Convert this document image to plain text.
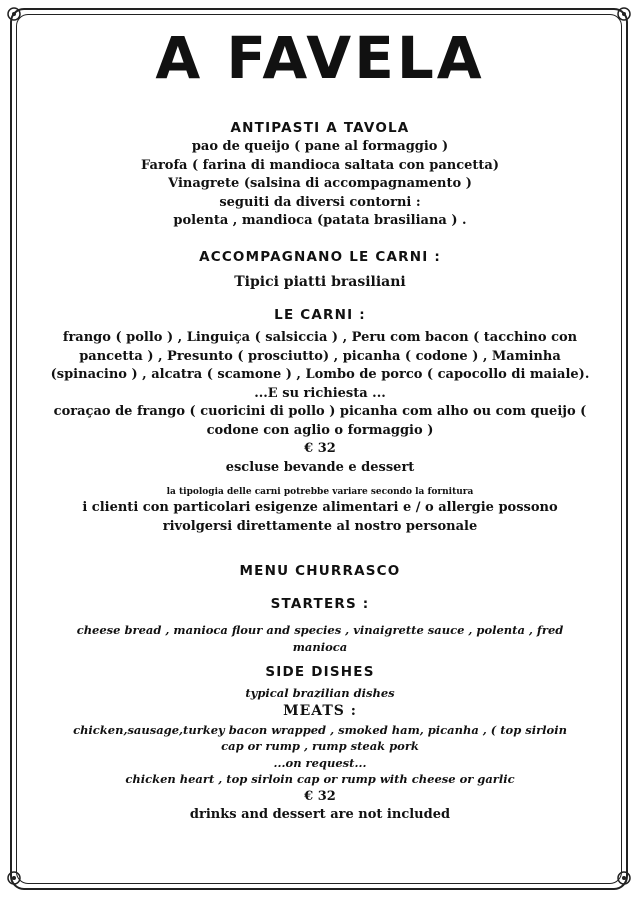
A FAVELA
ANTIPASTI A TAVOLA
pao de queijo ( pane al formaggio )
Farofa ( farina di mandioca saltata con pancetta)
Vinagrete (salsina di accompagnamento )
seguiti da diversi contorni :
polenta , mandioca (patata brasiliana ) .
ACCOMPAGNANO LE CARNI :
Tipici piatti brasiliani
LE CARNI :
frango ( pollo ) , Linguiça ( salsiccia ) , Peru com bacon ( tacchino con
pancetta ) , Presunto ( prosciutto) , picanha ( codone ) , Maminha
(spinacino ) , alcatra ( scamone ) , Lombo de porco ( capocollo di maiale).
...E su richiesta ...
coraçao de frango ( cuoricini di pollo ) picanha com alho ou com queijo (
codone con aglio o formaggio )
€ 32
escluse bevande e dessert
la tipologia delle carni potrebbe variare secondo la fornitura
i clienti con particolari esigenze alimentari e / o allergie possono
rivolgersi direttamente al nostro personale
MENU CHURRASCO
STARTERS :
cheese bread , manioca flour and species , vinaigrette sauce , polenta , fred
manioca
SIDE DISHES
typical brazilian dishes
MEATS :
chicken,sausage,turkey bacon wrapped , smoked ham, picanha , ( top sirloin
cap or rump , rump steak pork
...on request...
chicken heart , top sirloin cap or rump with cheese or garlic
€ 32
drinks and dessert are not included
